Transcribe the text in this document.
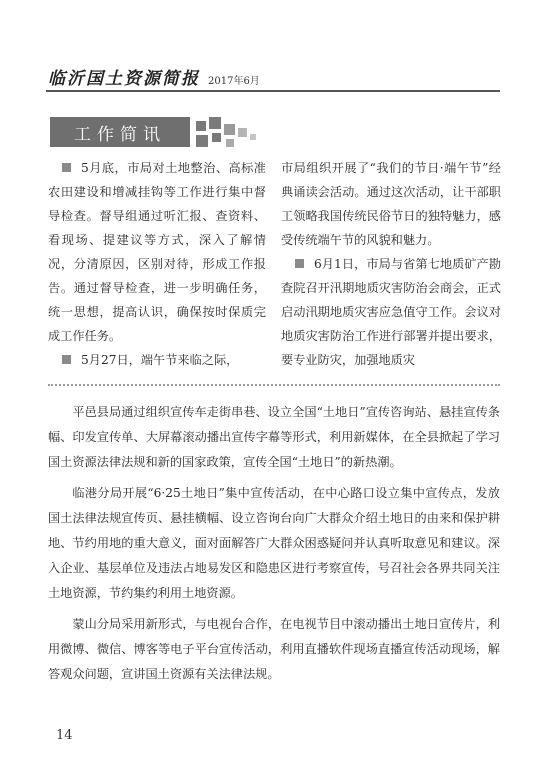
临沂国土资源简报 2017年6月
工作简讯

5月底，市局对土地整治、高标准农田建设和增减挂钩等工作进行集中督导检查。督导组通过听汇报、查资料、看现场、提建议等方式，深入了解情况，分清原因，区别对待，形成工作报告。通过督导检查，进一步明确任务，统一思想，提高认识，确保按时保质完成工作任务。

5月27日，端午节来临之际，

市局组织开展了“我们的节日·端午节”经典诵读会活动。通过这次活动，让干部职工领略我国传统民俗节日的独特魅力，感受传统端午节的风貌和魅力。

6月1日，市局与省第七地质矿产勘查院召开汛期地质灾害防治会商会，正式启动汛期地质灾害应急值守工作。会议对地质灾害防治工作进行部署并提出要求，要专业防灾，加强地质灾

平邑县局通过组织宣传车走街串巷、设立全国“土地日”宣传咨询站、悬挂宣传条幅、印发宣传单、大屏幕滚动播出宣传字幕等形式，利用新媒体，在全县掀起了学习国土资源法律法规和新的国家政策，宣传全国“土地日”的新热潮。

临港分局开展“6·25土地日”集中宣传活动，在中心路口设立集中宣传点，发放国土法律法规宣传页、悬挂横幅、设立咨询台向广大群众介绍土地日的由来和保护耕地、节约用地的重大意义，面对面解答广大群众困惑疑问并认真听取意见和建议。深入企业、基层单位及违法占地易发区和隐患区进行考察宣传，号召社会各界共同关注土地资源，节约集约利用土地资源。

蒙山分局采用新形式，与电视台合作，在电视节目中滚动播出土地日宣传片，利用微博、微信、博客等电子平台宣传活动，利用直播软件现场直播宣传活动现场，解答观众问题，宣讲国土资源有关法律法规。

14
